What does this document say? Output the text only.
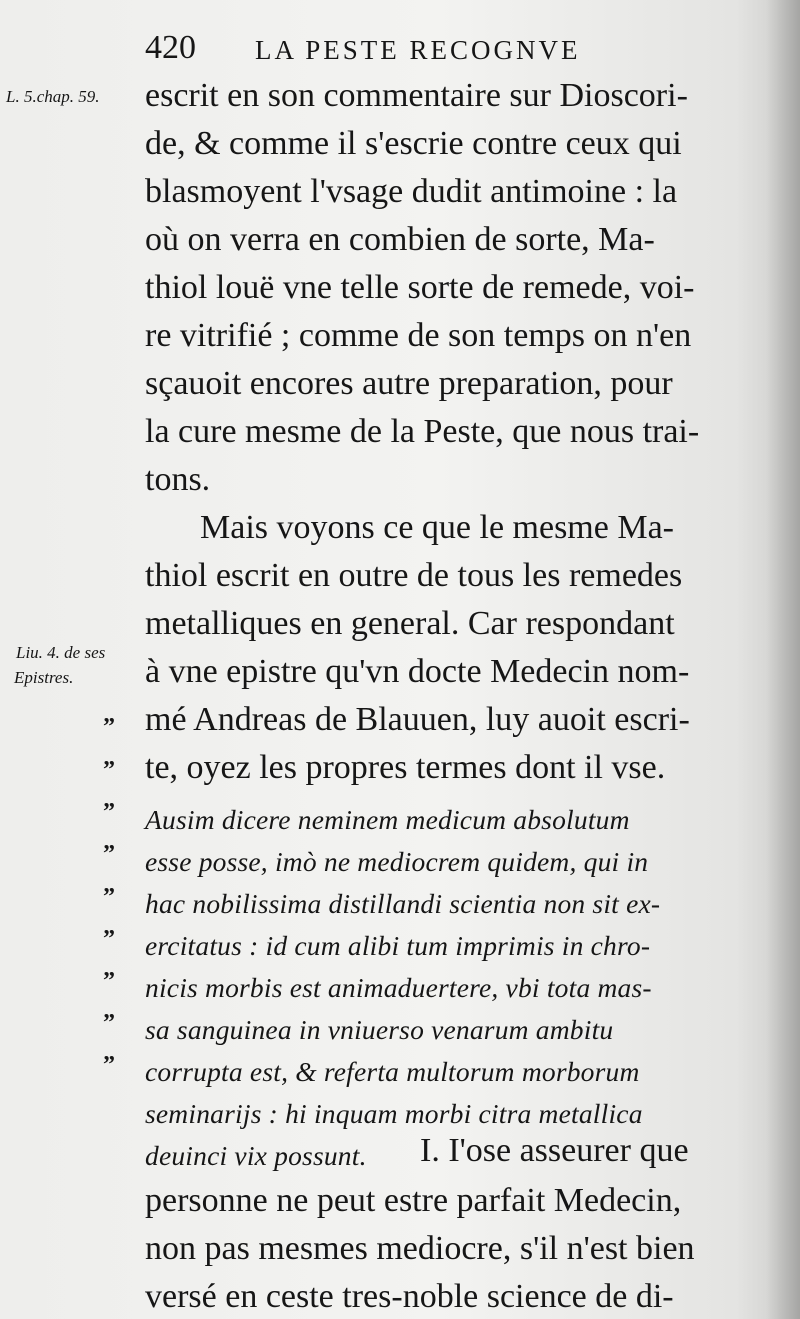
420 LA PESTE RECOGNVE
L. 5.chap. 59.
Liu. 4. de ses
Epistres.
”
”
”
”
”
”
”
”
”
escrit en son commentaire sur Dioscori-
de, & comme il s'escrie contre ceux qui
blasmoyent l'vsage dudit antimoine : la
où on verra en combien de sorte, Ma-
thiol louë vne telle sorte de remede, voi-
re vitrifié ; comme de son temps on n'en
sçauoit encores autre preparation, pour
la cure mesme de la Peste, que nous trai-
tons.
Mais voyons ce que le mesme Ma-
thiol escrit en outre de tous les remedes
metalliques en general. Car respondant
à vne epistre qu'vn docte Medecin nom-
mé Andreas de Blauuen, luy auoit escri-
te, oyez les propres termes dont il vse.
Ausim dicere neminem medicum absolutum
esse posse, imò ne mediocrem quidem, qui in
hac nobilissima distillandi scientia non sit ex-
ercitatus : id cum alibi tum imprimis in chro-
nicis morbis est animaduertere, vbi tota mas-
sa sanguinea in vniuerso venarum ambitu
corrupta est, & referta multorum morborum
seminarijs : hi inquam morbi citra metallica
deuinci vix possunt. I. I'ose asseurer que
personne ne peut estre parfait Medecin,
non pas mesmes mediocre, s'il n'est bien
versé en ceste tres-noble science de di-
